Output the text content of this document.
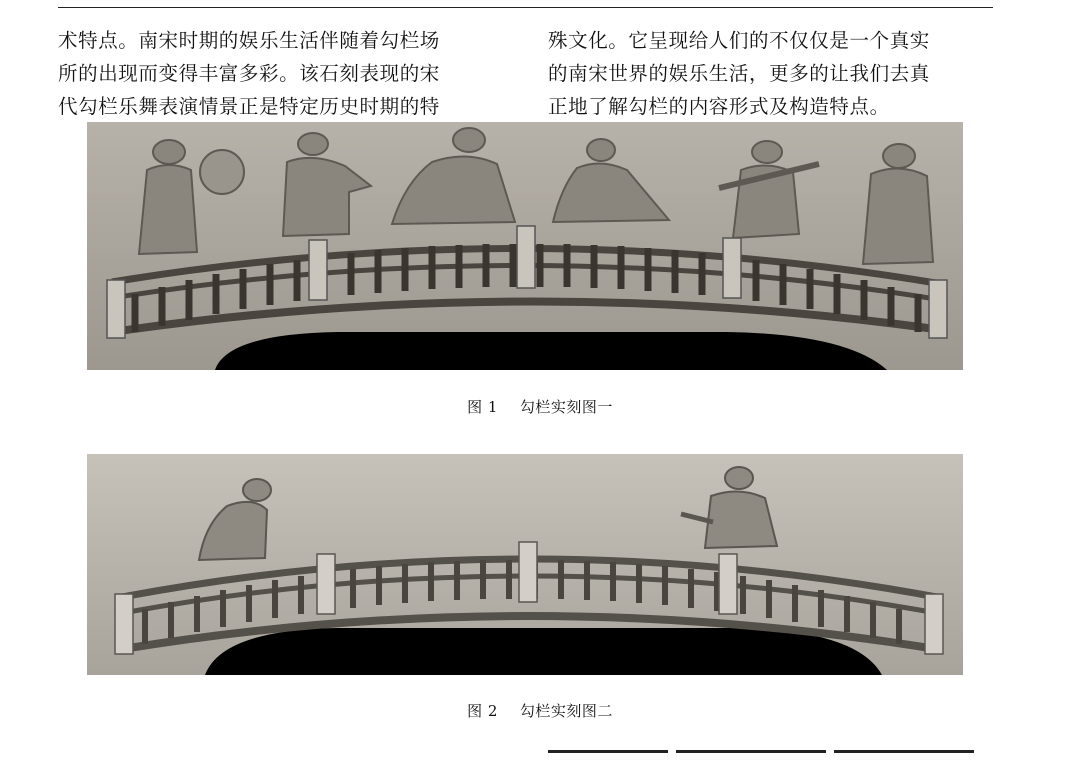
术特点。南宋时期的娱乐生活伴随着勾栏场
所的出现而变得丰富多彩。该石刻表现的宋
代勾栏乐舞表演情景正是特定历史时期的特
殊文化。它呈现给人们的不仅仅是一个真实
的南宋世界的娱乐生活，更多的让我们去真
正地了解勾栏的内容形式及构造特点。
图 1 勾栏实刻图一
图 2 勾栏实刻图二
